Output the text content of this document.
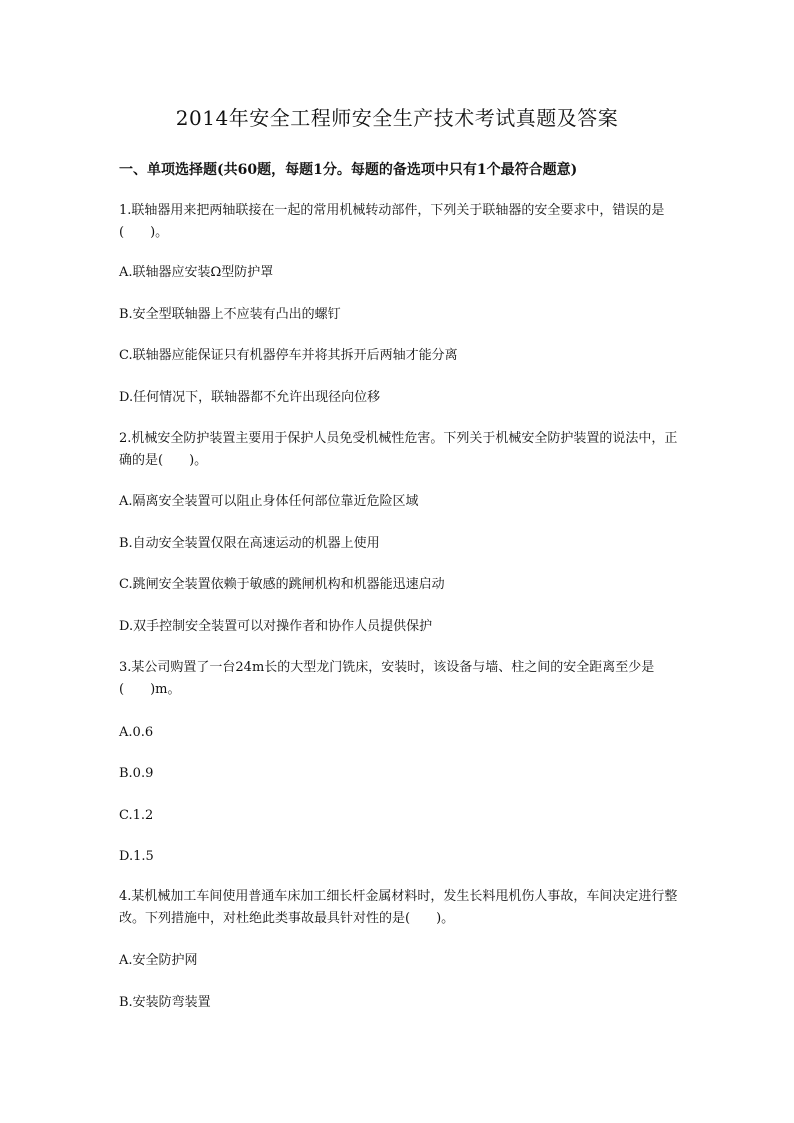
2014年安全工程师安全生产技术考试真题及答案
一、单项选择题(共60题，每题1分。每题的备选项中只有1个最符合题意)
1.联轴器用来把两轴联接在一起的常用机械转动部件，下列关于联轴器的安全要求中，错误的是(　　)。
A.联轴器应安装Ω型防护罩
B.安全型联轴器上不应装有凸出的螺钉
C.联轴器应能保证只有机器停车并将其拆开后两轴才能分离
D.任何情况下，联轴器都不允许出现径向位移
2.机械安全防护装置主要用于保护人员免受机械性危害。下列关于机械安全防护装置的说法中，正确的是(　　)。
A.隔离安全装置可以阻止身体任何部位靠近危险区域
B.自动安全装置仅限在高速运动的机器上使用
C.跳闸安全装置依赖于敏感的跳闸机构和机器能迅速启动
D.双手控制安全装置可以对操作者和协作人员提供保护
3.某公司购置了一台24m长的大型龙门铣床，安装时，该设备与墙、柱之间的安全距离至少是(　　)m。
A.0.6
B.0.9
C.1.2
D.1.5
4.某机械加工车间使用普通车床加工细长杆金属材料时，发生长料甩机伤人事故，车间决定进行整改。下列措施中，对杜绝此类事故最具针对性的是(　　)。
A.安全防护网
B.安装防弯装置
